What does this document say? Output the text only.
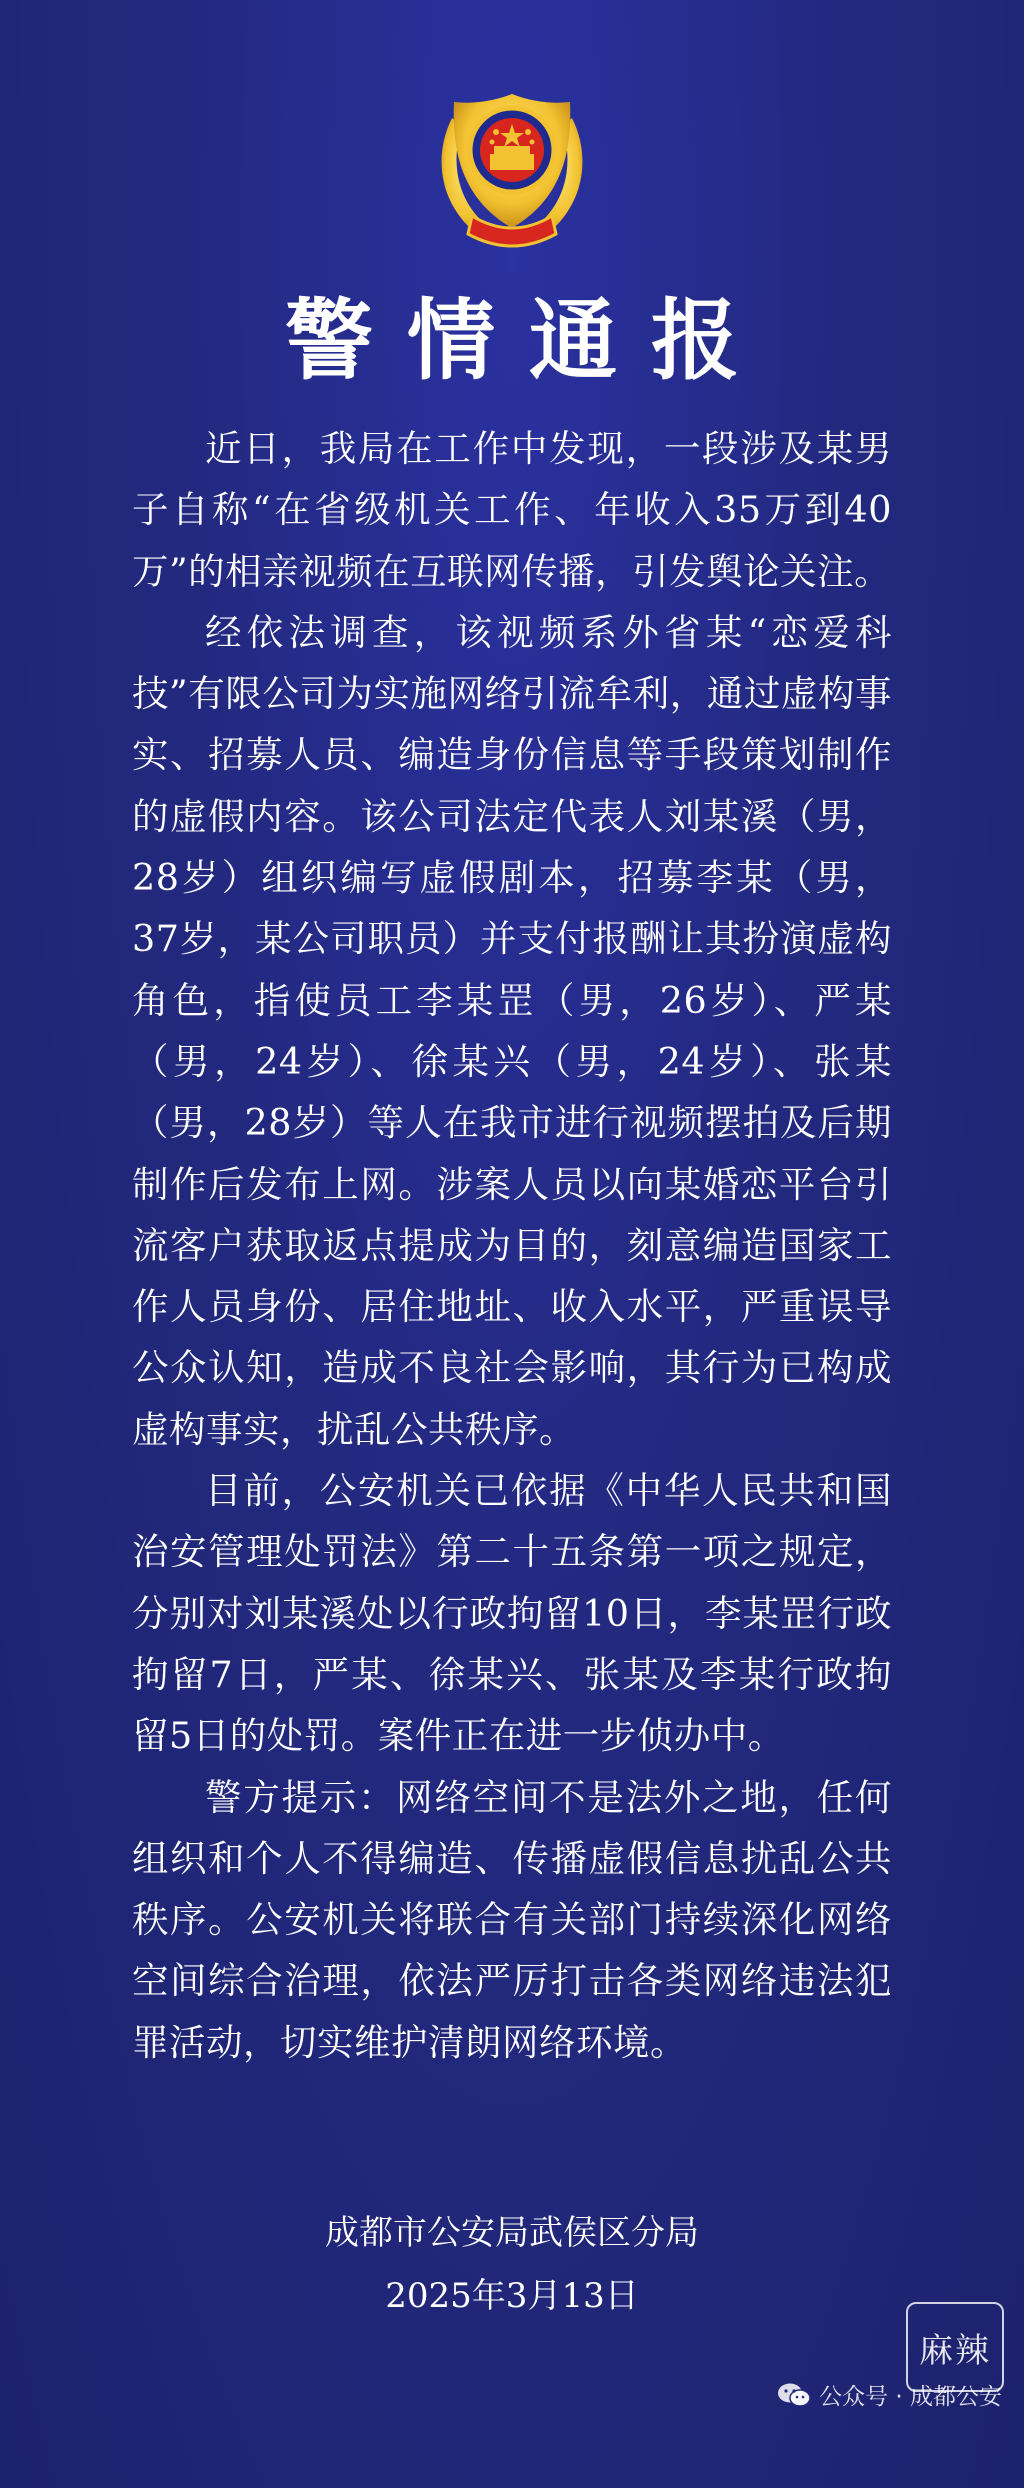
警情通报

近日，我局在工作中发现，一段涉及某男子自称“在省级机关工作、年收入35万到40万”的相亲视频在互联网传播，引发舆论关注。

经依法调查，该视频系外省某“恋爱科技”有限公司为实施网络引流牟利，通过虚构事实、招募人员、编造身份信息等手段策划制作的虚假内容。该公司法定代表人刘某溪（男，28岁）组织编写虚假剧本，招募李某（男，37岁，某公司职员）并支付报酬让其扮演虚构角色，指使员工李某罡（男，26岁）、严某（男，24岁）、徐某兴（男，24岁）、张某（男，28岁）等人在我市进行视频摆拍及后期制作后发布上网。涉案人员以向某婚恋平台引流客户获取返点提成为目的，刻意编造国家工作人员身份、居住地址、收入水平，严重误导公众认知，造成不良社会影响，其行为已构成虚构事实，扰乱公共秩序。

目前，公安机关已依据《中华人民共和国治安管理处罚法》第二十五条第一项之规定，分别对刘某溪处以行政拘留10日，李某罡行政拘留7日，严某、徐某兴、张某及李某行政拘留5日的处罚。案件正在进一步侦办中。

警方提示：网络空间不是法外之地，任何组织和个人不得编造、传播虚假信息扰乱公共秩序。公安机关将联合有关部门持续深化网络空间综合治理，依法严厉打击各类网络违法犯罪活动，切实维护清朗网络环境。

成都市公安局武侯区分局
2025年3月13日
麻辣
公众号 · 成都公安
